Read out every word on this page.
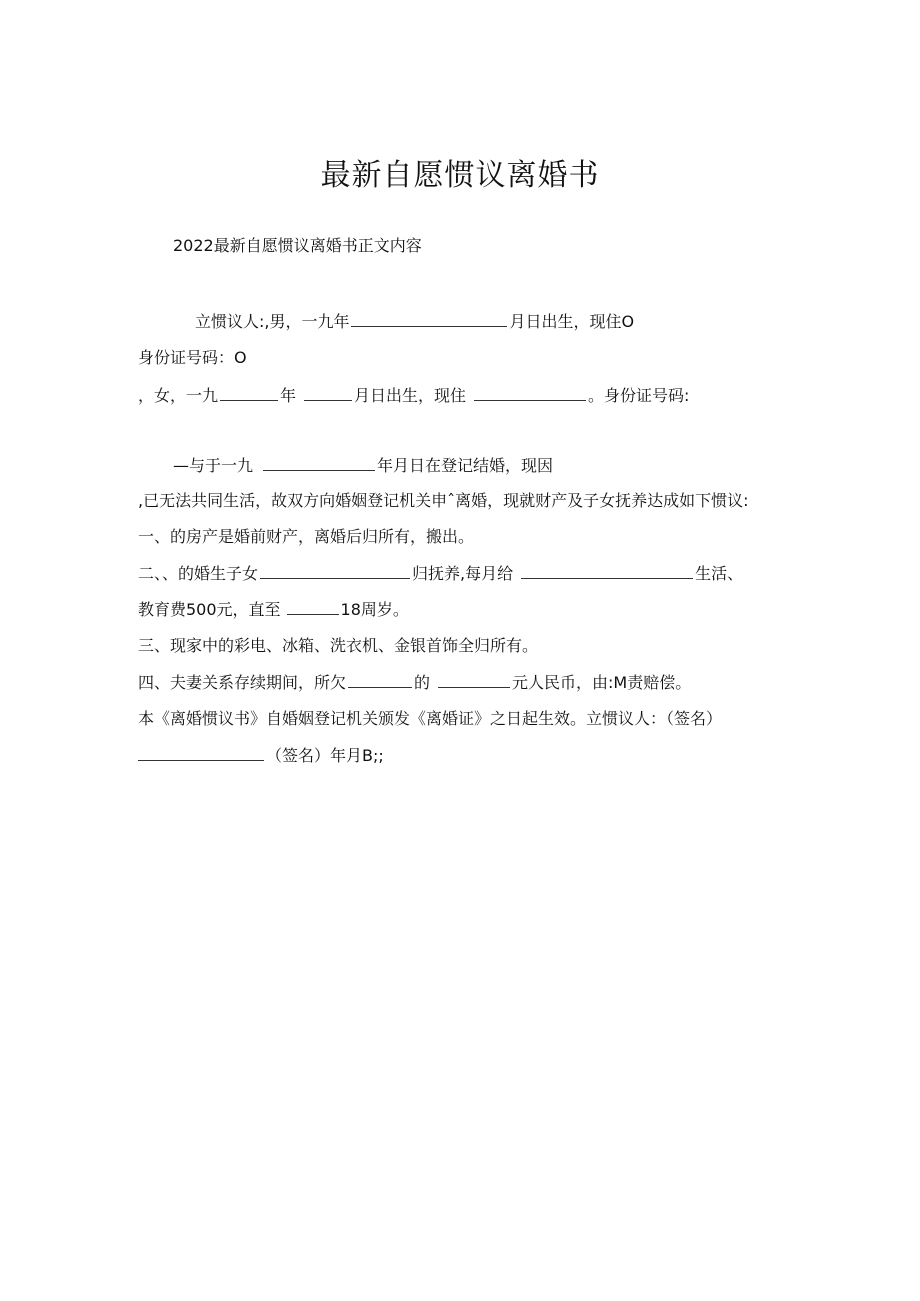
最新自愿惯议离婚书
2022最新自愿惯议离婚书正文内容
立惯议人:,男，一九年	月日出生，现住O
身份证号码：O
，女，一九	年	月日出生，现住	。身份证号码:
—与于一九	年月日在登记结婚，现因
,已无法共同生活，故双方向婚姻登记机关申ˆ离婚，现就财产及子女抚养达成如下惯议:
一、的房产是婚前财产，离婚后归所有，搬出。
二、、的婚生子女	归抚养,每月给	生活、
教育费500元，直至	18周岁。
三、现家中的彩电、冰箱、洗衣机、金银首饰全归所有。
四、夫妻关系存续期间，所欠	的	元人民币，由:M责赔偿。
本《离婚惯议书》自婚姻登记机关颁发《离婚证》之日起生效。立惯议人：（签名）
（签名）年月B;;
